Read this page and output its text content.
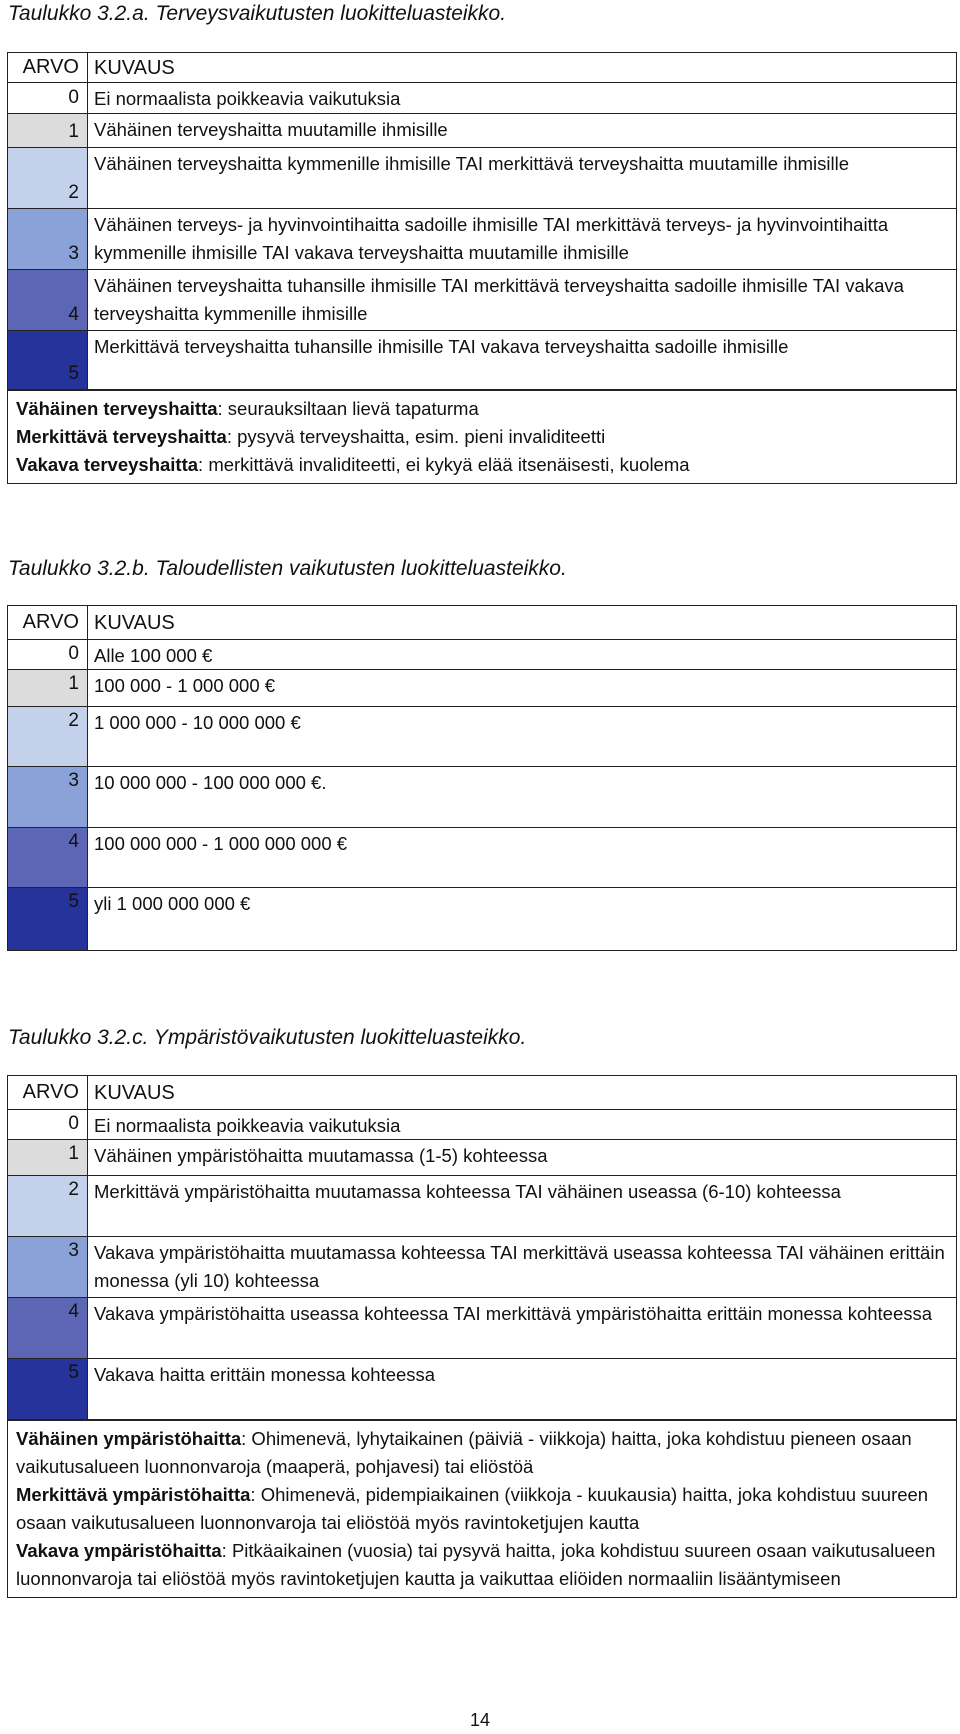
Taulukko 3.2.a. Terveysvaikutusten luokitteluasteikko.
ARVO KUVAUS
0 Ei normaalista poikkeavia vaikutuksia
1 Vähäinen terveyshaitta muutamille ihmisille
2
Vähäinen terveyshaitta kymmenille ihmisille TAI merkittävä terveyshaitta muutamille ihmisille
3
Vähäinen terveys- ja hyvinvointihaitta sadoille ihmisille TAI merkittävä terveys- ja hyvinvointihaitta kymmenille ihmisille TAI vakava terveyshaitta muutamille ihmisille
4
Vähäinen terveyshaitta tuhansille ihmisille TAI merkittävä terveyshaitta sadoille ihmisille TAI vakava terveyshaitta kymmenille ihmisille
5
Merkittävä terveyshaitta tuhansille ihmisille TAI vakava terveyshaitta sadoille ihmisille
Vähäinen terveyshaitta: seurauksiltaan lievä tapaturma
Merkittävä terveyshaitta: pysyvä terveyshaitta, esim. pieni invaliditeetti
Vakava terveyshaitta: merkittävä invaliditeetti, ei kykyä elää itsenäisesti, kuolema
Taulukko 3.2.b. Taloudellisten vaikutusten luokitteluasteikko.
ARVO KUVAUS
0 Alle 100 000 €
1 100 000 - 1 000 000 €
2 1 000 000 - 10 000 000 €
3 10 000 000 - 100 000 000 €.
4 100 000 000 - 1 000 000 000 €
5 yli 1 000 000 000 €
Taulukko 3.2.c. Ympäristövaikutusten luokitteluasteikko.
ARVO KUVAUS
0 Ei normaalista poikkeavia vaikutuksia
1 Vähäinen ympäristöhaitta muutamassa (1-5) kohteessa
2 Merkittävä ympäristöhaitta muutamassa kohteessa TAI vähäinen useassa (6-10) kohteessa
3 Vakava ympäristöhaitta muutamassa kohteessa TAI merkittävä useassa kohteessa TAI vähäinen erittäin monessa (yli 10) kohteessa
4 Vakava ympäristöhaitta useassa kohteessa TAI merkittävä ympäristöhaitta erittäin monessa kohteessa
5 Vakava haitta erittäin monessa kohteessa
Vähäinen ympäristöhaitta: Ohimenevä, lyhytaikainen (päiviä - viikkoja) haitta, joka kohdistuu pieneen osaan vaikutusalueen luonnonvaroja (maaperä, pohjavesi) tai eliöstöä
Merkittävä ympäristöhaitta: Ohimenevä, pidempiaikainen (viikkoja - kuukausia) haitta, joka kohdistuu suureen osaan vaikutusalueen luonnonvaroja tai eliöstöä myös ravintoketjujen kautta
Vakava ympäristöhaitta: Pitkäaikainen (vuosia) tai pysyvä haitta, joka kohdistuu suureen osaan vaikutusalueen luonnonvaroja tai eliöstöä myös ravintoketjujen kautta ja vaikuttaa eliöiden normaaliin lisääntymiseen
14
